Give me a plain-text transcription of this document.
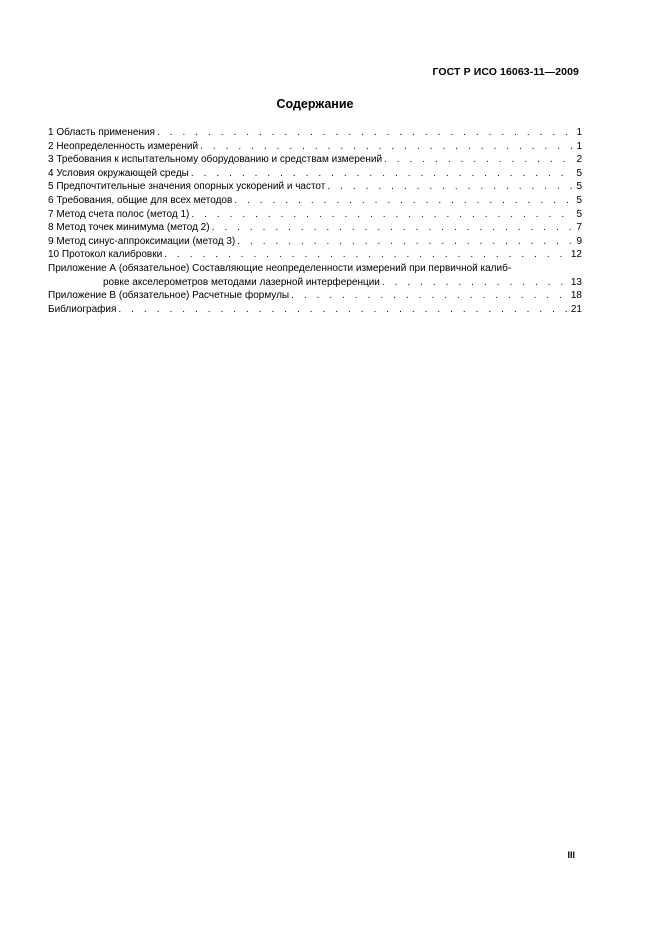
ГОСТ Р ИСО 16063-11—2009
Содержание
1 Область применения . . .	1
2 Неопределенность измерений . . .	1
3 Требования к испытательному оборудованию и средствам измерений . . .	2
4 Условия окружающей среды . . .	5
5 Предпочтительные значения опорных ускорений и частот . . .	5
6 Требования, общие для всех методов . . .	5
7 Метод счета полос (метод 1) . . .	5
8 Метод точек минимума (метод 2) . . .	7
9 Метод синус-аппроксимации (метод 3) . . .	9
10 Протокол калибровки . . .	12
Приложение А (обязательное) Составляющие неопределенности измерений при первичной калиб-
ровке акселерометров методами лазерной интерференции . . .	13
Приложение В (обязательное) Расчетные формулы . . .	18
Библиография . . .	21
III
